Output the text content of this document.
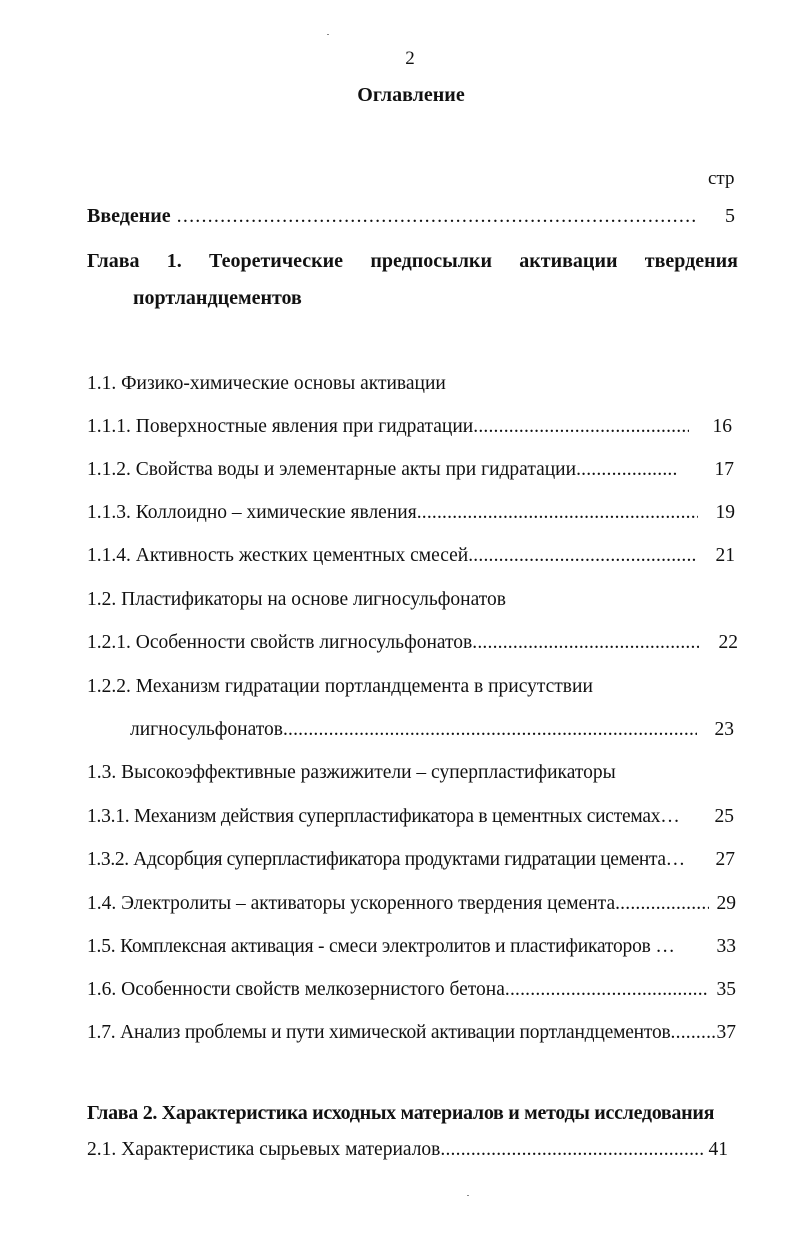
2
Оглавление
стр
Введение .....	5
Глава 1. Теоретические предпосылки активации твердения
портландцементов
1.1. Физико-химические основы активации
1.1.1. Поверхностные явления при гидратации .....	16
1.1.2. Свойства воды и элементарные акты при гидратации .....	17
1.1.3. Коллоидно – химические явления .....	19
1.1.4. Активность жестких цементных смесей .....	21
1.2. Пластификаторы на основе лигносульфонатов
1.2.1. Особенности свойств лигносульфонатов .....	22
1.2.2. Механизм гидратации портландцемента в присутствии
лигносульфонатов .....	23
1.3. Высокоэффективные разжижители – суперпластификаторы
1.3.1. Механизм действия суперпластификатора в цементных системах… 25
1.3.2. Адсорбция суперпластификатора продуктами гидратации цемента… 27
1.4. Электролиты – активаторы ускоренного твердения цемента .....	29
1.5. Комплексная активация - смеси электролитов и пластификаторов … 33
1.6. Особенности свойств мелкозернистого бетона .....	35
1.7. Анализ проблемы и пути химической активации портландцементов ..... 37
Глава 2. Характеристика исходных материалов и методы исследования
2.1. Характеристика сырьевых материалов .....	41
